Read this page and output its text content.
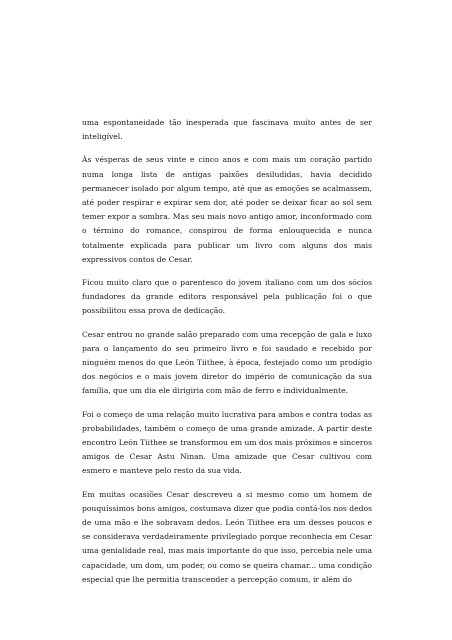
uma espontaneidade tão inesperada que fascinava muito antes de ser inteligível.

Às vésperas de seus vinte e cinco anos e com mais um coração partido numa longa lista de antigas paixões desiludidas, havia decidido permanecer isolado por algum tempo, até que as emoções se acalmassem, até poder respirar e expirar sem dor, até poder se deixar ficar ao sol sem temer expor a sombra. Mas seu mais novo antigo amor, inconformado com o término do romance, conspirou de forma enlouquecida e nunca totalmente explicada para publicar um livro com alguns dos mais expressivos contos de Cesar.

Ficou muito claro que o parentesco do jovem italiano com um dos sócios fundadores da grande editora responsável pela publicação foi o que possibilitou essa prova de dedicação.

Cesar entrou no grande salão preparado com uma recepção de gala e luxo para o lançamento do seu primeiro livro e foi saudado e recebido por ninguém menos do que León Tiithee, à época, festejado como um prodígio dos negócios e o mais jovem diretor do império de comunicação da sua família, que um dia ele dirigiria com mão de ferro e individualmente.

Foi o começo de uma relação muito lucrativa para ambos e contra todas as probabilidades, também o começo de uma grande amizade. A partir deste encontro León Tiithee se transformou em um dos mais próximos e sinceros amigos de Cesar Astu Ninan. Uma amizade que Cesar cultivou com esmero e manteve pelo resto da sua vida.

Em muitas ocasiões Cesar descreveu a si mesmo como um homem de pouquíssimos bons amigos, costumava dizer que podia contá-los nos dedos de uma mão e lhe sobravam dedos. León Tiithee era um desses poucos e se considerava verdadeiramente privilegiado porque reconhecia em Cesar uma genialidade real, mas mais importante do que isso, percebia nele uma capacidade, um dom, um poder, ou como se queira chamar... uma condição especial que lhe permitia transcender a percepção comum, ir além do
